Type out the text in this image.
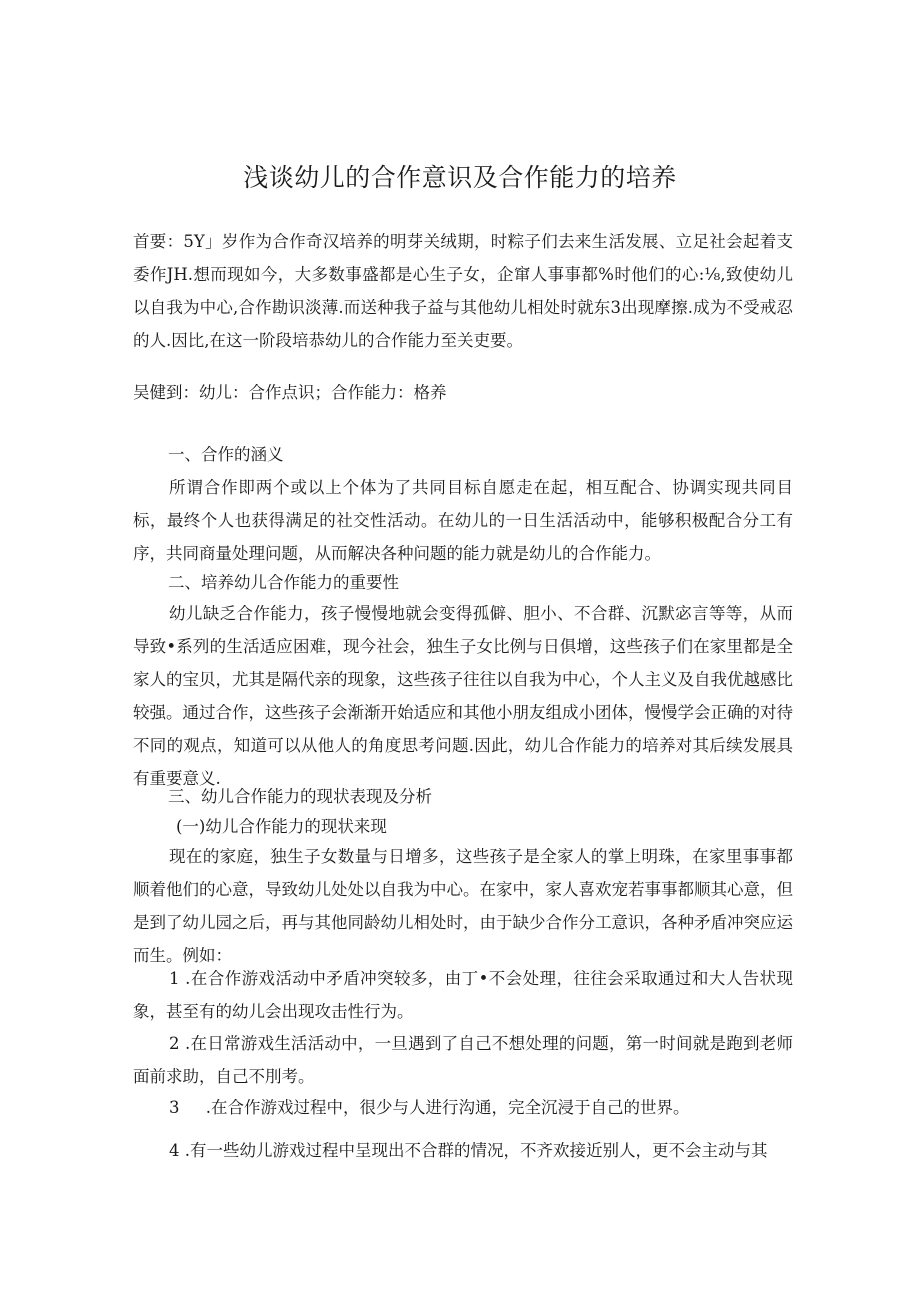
浅谈幼儿的合作意识及合作能力的培养
首要：5Y」岁作为合作奇汉培养的明芽关绒期，时粽子们去来生活发展、立足社会起着支委作JH.想而现如今，大多数事盛都是心生子女，企窜人事事都%时他们的心:⅛,致使幼儿以自我为中心,合作勘识淡薄.而送种我子益与其他幼儿相处时就东3出现摩擦.成为不受戒忍的人.因比,在这一阶段培恭幼儿的合作能力至关吏要。
吴健到：幼儿：合作点识；合作能力：格养
一、合作的涵义
所谓合作即两个或以上个体为了共同目标自愿走在起，相互配合、协调实现共同目标，最终个人也获得满足的社交性活动。在幼儿的一日生活活动中，能够积极配合分工有序，共同商量处理问题，从而解决各种问题的能力就是幼儿的合作能力。
二、培养幼儿合作能力的重要性
幼儿缺乏合作能力，孩子慢慢地就会变得孤僻、胆小、不合群、沉默宓言等等，从而导致•系列的生活适应困难，现今社会，独生子女比例与日俱增，这些孩子们在家里都是全家人的宝贝，尤其是隔代亲的现象，这些孩子往往以自我为中心，个人主义及自我优越感比较强。通过合作，这些孩子会渐渐开始适应和其他小朋友组成小团体，慢慢学会正确的对待不同的观点，知道可以从他人的角度思考问题.因此，幼儿合作能力的培养对其后续发展具有重要意义.
三、幼儿合作能力的现状表现及分析
(一)幼儿合作能力的现状来现
现在的家庭，独生子女数量与日增多，这些孩子是全家人的掌上明珠，在家里事事都顺着他们的心意，导致幼儿处处以自我为中心。在家中，家人喜欢宠若事事都顺其心意，但是到了幼儿园之后，再与其他同龄幼儿相处时，由于缺少合作分工意识，各种矛盾冲突应运而生。例如：
1 .在合作游戏活动中矛盾冲突较多，由丁•不会处理，往往会采取通过和大人告状现象，甚至有的幼儿会出现攻击性行为。
2 .在日常游戏生活活动中，一旦遇到了自己不想处理的问题，第一时间就是跑到老师面前求助，自己不刖考。
3     .在合作游戏过程中，很少与人进行沟通，完全沉浸于自己的世界。
4 .有一些幼儿游戏过程中呈现出不合群的情况，不齐欢接近别人，更不会主动与其
